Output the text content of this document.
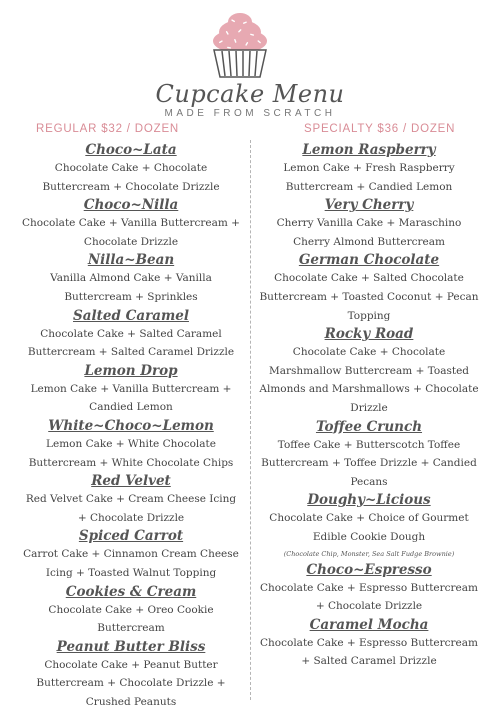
Cupcake Menu
MADE FROM SCRATCH
REGULAR $32 / DOZEN	SPECIALTY $36 / DOZEN
Choco~Lata
Chocolate Cake + Chocolate Buttercream + Chocolate Drizzle
Choco~Nilla
Chocolate Cake + Vanilla Buttercream + Chocolate Drizzle
Nilla~Bean
Vanilla Almond Cake + Vanilla Buttercream + Sprinkles
Salted Caramel
Chocolate Cake + Salted Caramel Buttercream + Salted Caramel Drizzle
Lemon Drop
Lemon Cake + Vanilla Buttercream + Candied Lemon
White~Choco~Lemon
Lemon Cake + White Chocolate Buttercream + White Chocolate Chips
Red Velvet
Red Velvet Cake + Cream Cheese Icing + Chocolate Drizzle
Spiced Carrot
Carrot Cake + Cinnamon Cream Cheese Icing + Toasted Walnut Topping
Cookies & Cream
Chocolate Cake + Oreo Cookie Buttercream
Peanut Butter Bliss
Chocolate Cake + Peanut Butter Buttercream + Chocolate Drizzle + Crushed Peanuts
Lemon Raspberry
Lemon Cake + Fresh Raspberry Buttercream + Candied Lemon
Very Cherry
Cherry Vanilla Cake + Maraschino Cherry Almond Buttercream
German Chocolate
Chocolate Cake + Salted Chocolate Buttercream + Toasted Coconut + Pecan Topping
Rocky Road
Chocolate Cake + Chocolate Marshmallow Buttercream + Toasted Almonds and Marshmallows + Chocolate Drizzle
Toffee Crunch
Toffee Cake + Butterscotch Toffee Buttercream + Toffee Drizzle + Candied Pecans
Doughy~Licious
Chocolate Cake + Choice of Gourmet Edible Cookie Dough
(Chocolate Chip, Monster, Sea Salt Fudge Brownie)
Choco~Espresso
Chocolate Cake + Espresso Buttercream + Chocolate Drizzle
Caramel Mocha
Chocolate Cake + Espresso Buttercream + Salted Caramel Drizzle
